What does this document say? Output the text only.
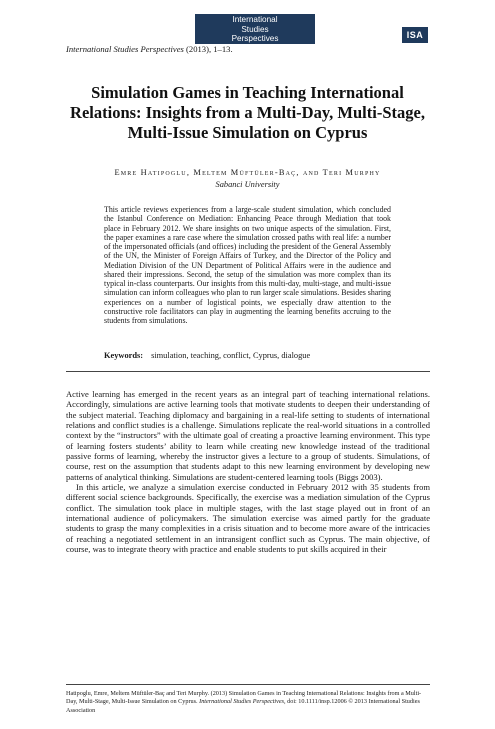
International
Studies
Perspectives	ISA
International Studies Perspectives (2013), 1–13.
Simulation Games in Teaching International Relations: Insights from a Multi-Day, Multi-Stage, Multi-Issue Simulation on Cyprus
Emre Hatipoglu, Meltem Müftüler-Baç, and Teri Murphy
Sabanci University
This article reviews experiences from a large-scale student simulation, which concluded the Istanbul Conference on Mediation: Enhancing Peace through Mediation that took place in February 2012. We share insights on two unique aspects of the simulation. First, the paper examines a rare case where the simulation crossed paths with real life: a number of the impersonated officials (and offices) including the president of the General Assembly of the UN, the Minister of Foreign Affairs of Turkey, and the Director of the Policy and Mediation Division of the UN Department of Political Affairs were in the audience and shared their impressions. Second, the setup of the simulation was more complex than its typical in-class counterparts. Our insights from this multi-day, multi-stage, and multi-issue simulation can inform colleagues who plan to run larger scale simulations. Besides sharing experiences on a number of logistical points, we especially draw attention to the constructive role facilitators can play in augmenting the learning benefits accruing to the students from simulations.
Keywords: simulation, teaching, conflict, Cyprus, dialogue

Active learning has emerged in the recent years as an integral part of teaching international relations. Accordingly, simulations are active learning tools that motivate students to deepen their understanding of the subject material. Teaching diplomacy and bargaining in a real-life setting to students of international relations and conflict studies is a challenge. Simulations replicate the real-world situations in a controlled context by the “instructors” with the ultimate goal of creating a proactive learning environment. This type of learning fosters students’ ability to learn while creating new knowledge instead of the traditional passive forms of learning, whereby the instructor gives a lecture to a group of students. Simulations, of course, rest on the assumption that students adapt to this new learning environment by developing new patterns of analytical thinking. Simulations are student-centered learning tools (Biggs 2003).

In this article, we analyze a simulation exercise conducted in February 2012 with 35 students from different social science backgrounds. Specifically, the exercise was a mediation simulation of the Cyprus conflict. The simulation took place in multiple stages, with the last stage played out in front of an international audience of policymakers. The simulation exercise was aimed partly for the graduate students to grasp the many complexities in a crisis situation and to become more aware of the intricacies of reaching a negotiated settlement in an intransigent conflict such as Cyprus. The main objective, of course, was to integrate theory with practice and enable students to put skills acquired in their

Hatipoglu, Emre, Meltem Müftüler-Baç and Teri Murphy. (2013) Simulation Games in Teaching International Relations: Insights from a Multi-Day, Multi-Stage, Multi-Issue Simulation on Cyprus. International Studies Perspectives, doi: 10.1111/insp.12006 © 2013 International Studies Association
